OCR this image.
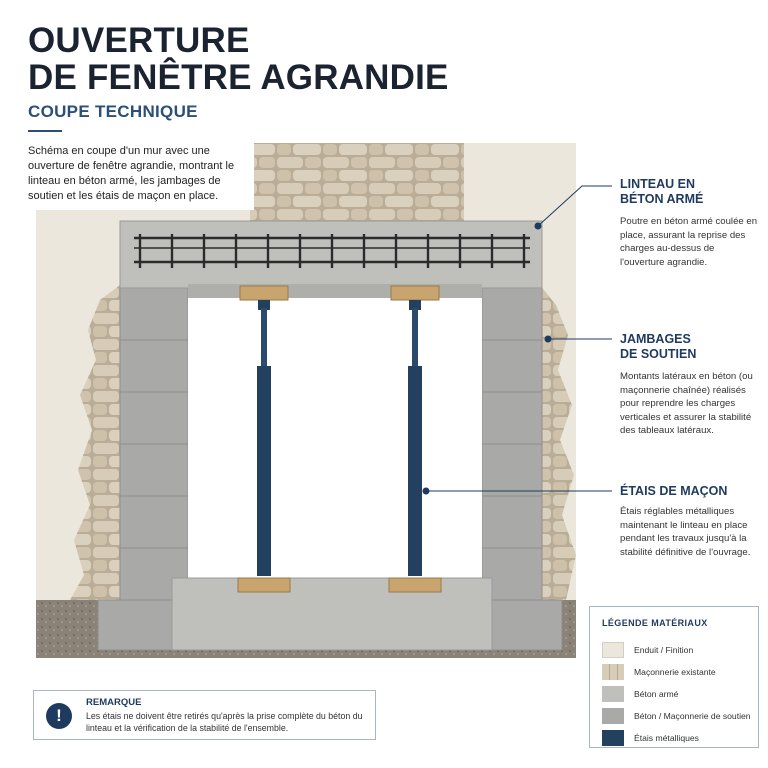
OUVERTURE
DE FENÊTRE AGRANDIE
COUPE TECHNIQUE
Schéma en coupe d'un mur avec une ouverture de fenêtre agrandie, montrant le linteau en béton armé, les jambages de soutien et les étais de maçon en place.
LINTEAU EN
BÉTON ARMÉ

Poutre en béton armé coulée en place, assurant la reprise des charges au-dessus de l'ouverture agrandie.

JAMBAGES
DE SOUTIEN

Montants latéraux en béton (ou maçonnerie chaînée) réalisés pour reprendre les charges verticales et assurer la stabilité des tableaux latéraux.

ÉTAIS DE MAÇON

Étais réglables métalliques maintenant le linteau en place pendant les travaux jusqu'à la stabilité définitive de l'ouvrage.

LÉGENDE MATÉRIAUX
Enduit / Finition
Maçonnerie existante
Béton armé
Béton / Maçonnerie de soutien
Étais métalliques
!
REMARQUE

Les étais ne doivent être retirés qu'après la prise complète du béton du linteau et la vérification de la stabilité de l'ensemble.
